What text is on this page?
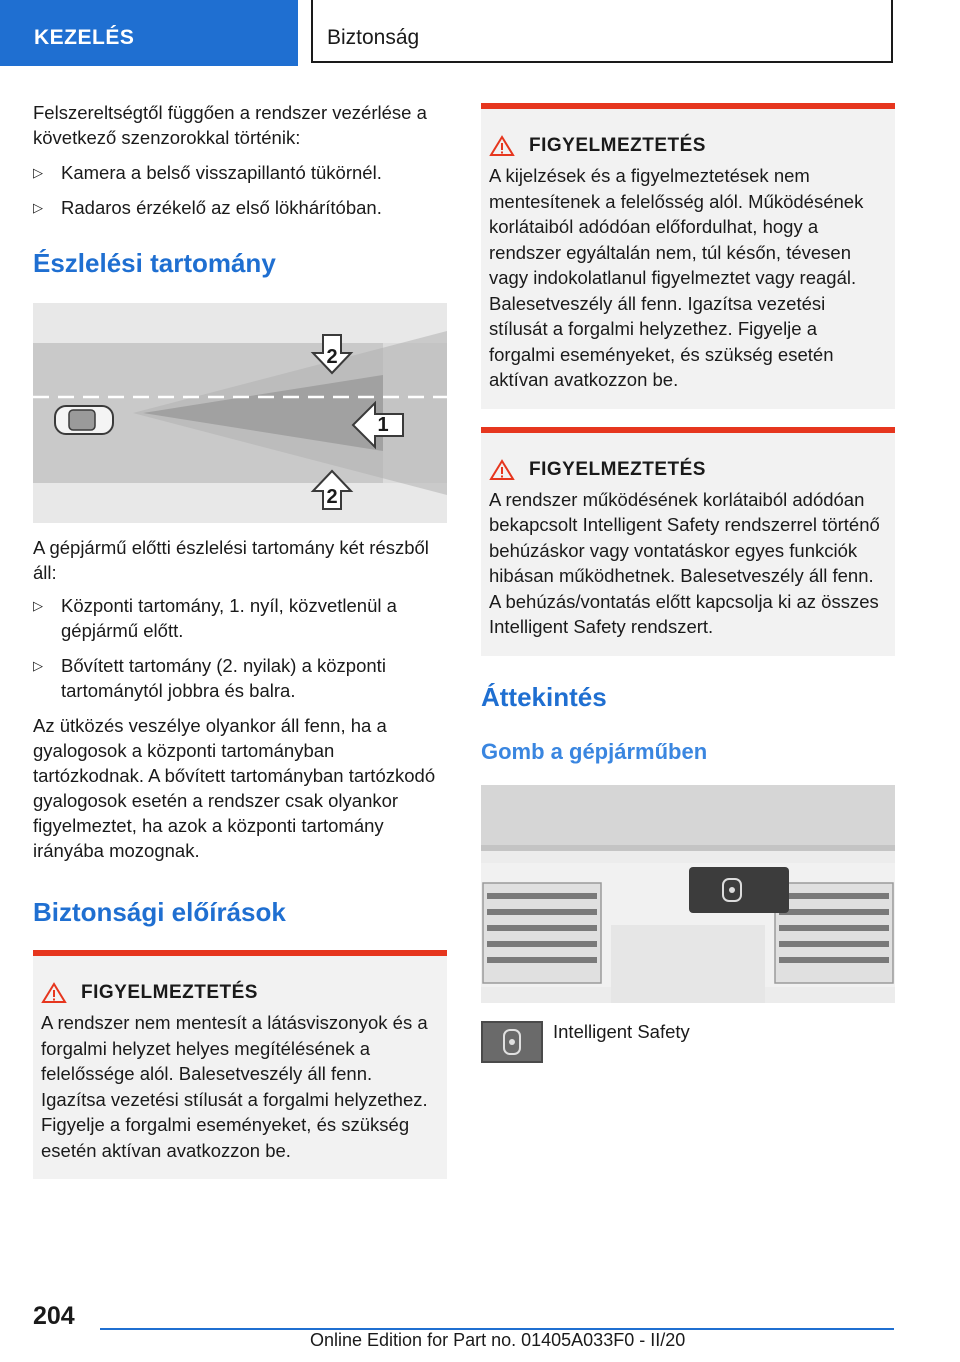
KEZELÉS	Biztonság

Felszereltségtől függően a rendszer vezérlése a következő szenzorokkal történik:

▷ Kamera a belső visszapillantó tükörnél.
▷ Radaros érzékelő az első lökhárítóban.
Észlelési tartomány
2
1
2

A gépjármű előtti észlelési tartomány két részből áll:

▷ Központi tartomány, 1. nyíl, közvetlenül a gépjármű előtt.
▷ Bővített tartomány (2. nyilak) a központi tartománytól jobbra és balra.

Az ütközés veszélye olyankor áll fenn, ha a gyalogosok a központi tartományban tartózkodnak. A bővített tartományban tartózkodó gyalogosok esetén a rendszer csak olyankor figyelmeztet, ha azok a központi tartomány irányába mozognak.

Biztonsági előírások
FIGYELMEZTETÉS

A rendszer nem mentesít a látásviszonyok és a forgalmi helyzet helyes megítélésének a felelőssége alól. Balesetveszély áll fenn. Igazítsa vezetési stílusát a forgalmi helyzethez. Figyelje a forgalmi eseményeket, és szükség esetén aktívan avatkozzon be.

FIGYELMEZTETÉS

A kijelzések és a figyelmeztetések nem mentesítenek a felelősség alól. Működésének korlátaiból adódóan előfordulhat, hogy a rendszer egyáltalán nem, túl későn, tévesen vagy indokolatlanul figyelmeztet vagy reagál. Balesetveszély áll fenn. Igazítsa vezetési stílusát a forgalmi helyzethez. Figyelje a forgalmi eseményeket, és szükség esetén aktívan avatkozzon be.

FIGYELMEZTETÉS

A rendszer működésének korlátaiból adódóan bekapcsolt Intelligent Safety rendszerrel történő behúzáskor vagy vontatáskor egyes funkciók hibásan működhetnek. Balesetveszély áll fenn. A behúzás/vontatás előtt kapcsolja ki az összes Intelligent Safety rendszert.

Áttekintés
Gomb a gépjárműben
Intelligent Safety
204
Online Edition for Part no. 01405A033F0 - II/20
